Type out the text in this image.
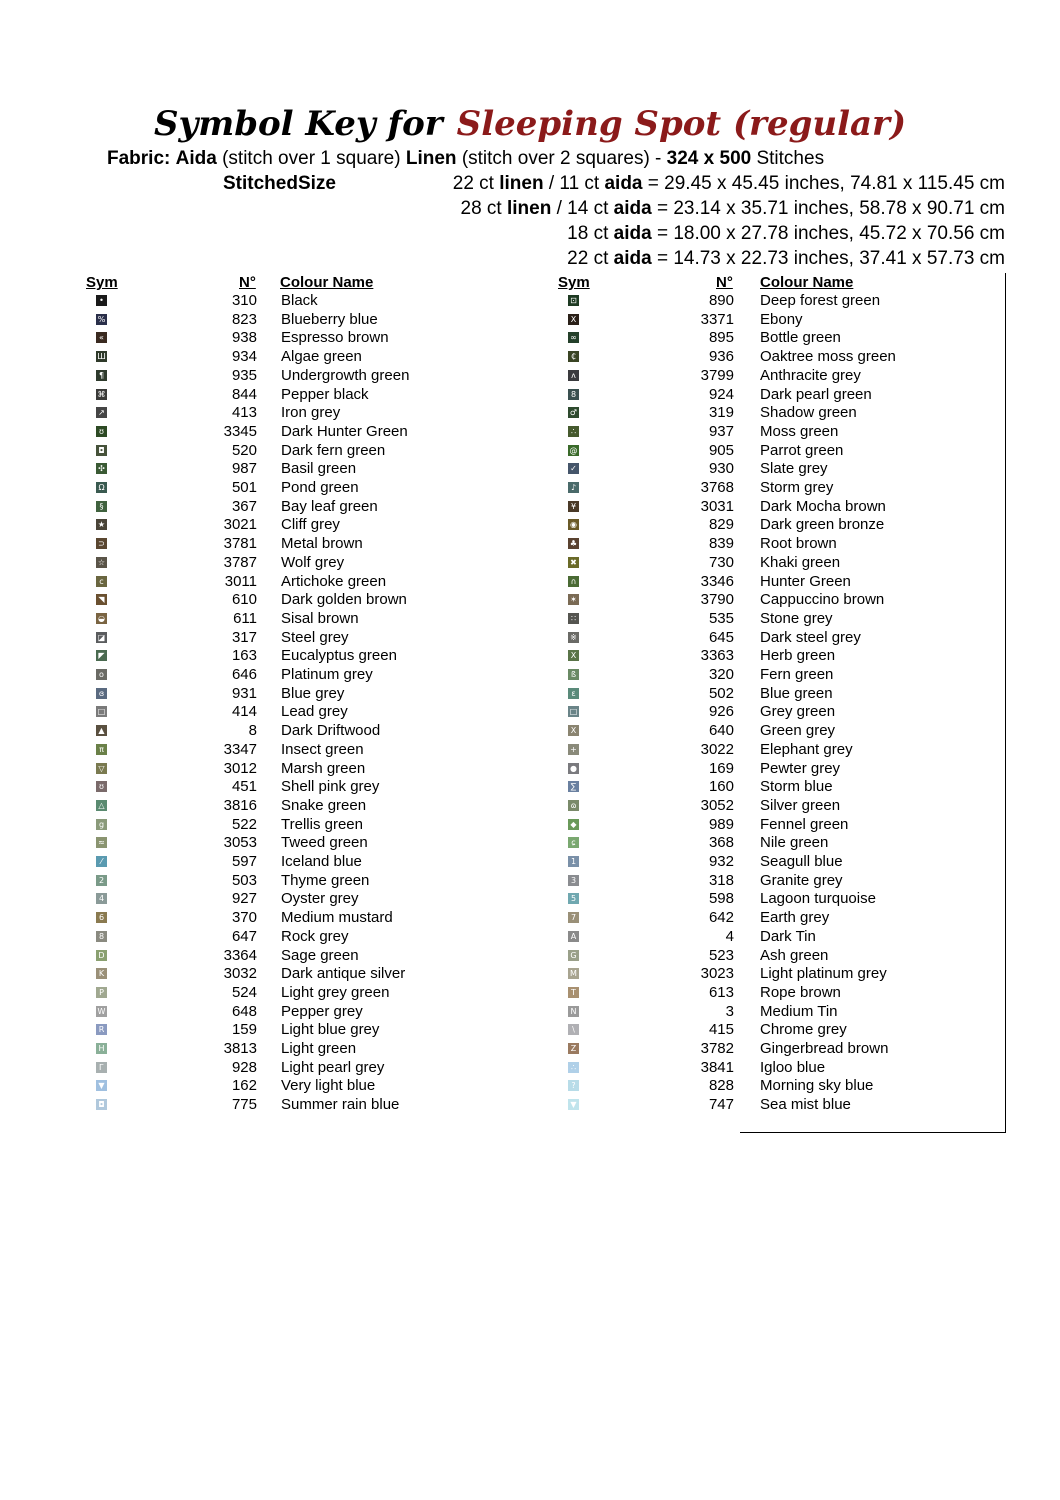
Symbol Key for Sleeping Spot (regular)
Fabric: Aida (stitch over 1 square) Linen (stitch over 2 squares) - 324 x 500 Stitches
StitchedSize	22 ct linen / 11 ct aida = 29.45 x 45.45 inches, 74.81 x 115.45 cm
28 ct linen / 14 ct aida = 23.14 x 35.71 inches, 58.78 x 90.71 cm
18 ct aida = 18.00 x 27.78 inches, 45.72 x 70.56 cm
22 ct aida = 14.73 x 22.73 inches, 37.41 x 57.73 cm
Sym	N° Colour Name	Sym	N° Colour Name
•	310 Black
%	823 Blueberry blue
«	938 Espresso brown
Ш	934 Algae green
¶	935 Undergrowth green
⌘	844 Pepper black
↗	413 Iron grey
ʊ	3345 Dark Hunter Green
◘	520 Dark fern green
✣	987 Basil green
Ω	501 Pond green
§	367 Bay leaf green
★	3021 Cliff grey
⊃	3781 Metal brown
☆	3787 Wolf grey
c	3011 Artichoke green
◥	610 Dark golden brown
◒	611 Sisal brown
◪	317 Steel grey
◤	163 Eucalyptus green
o	646 Platinum grey
ɞ	931 Blue grey
□	414 Lead grey
▲	8 Dark Driftwood
π	3347 Insect green
▽	3012 Marsh green
ʊ	451 Shell pink grey
△	3816 Snake green
g	522 Trellis green
≈	3053 Tweed green
⁄	597 Iceland blue
2	503 Thyme green
4	927 Oyster grey
6	370 Medium mustard
8	647 Rock grey
D	3364 Sage green
K	3032 Dark antique silver
P	524 Light grey green
W	648 Pepper grey
R	159 Light blue grey
H	3813 Light green
Г	928 Light pearl grey
▼	162 Very light blue
◘	775 Summer rain blue
⊡	890 Deep forest green
X	3371 Ebony
∞	895 Bottle green
₵	936 Oaktree moss green
ʌ	3799 Anthracite grey
8	924 Dark pearl green
♂	319 Shadow green
∴	937 Moss green
@	905 Parrot green
✓	930 Slate grey
♪	3768 Storm grey
¥	3031 Dark Mocha brown
◉	829 Dark green bronze
♣	839 Root brown
✖	730 Khaki green
∩	3346 Hunter Green
✶	3790 Cappuccino brown
∷	535 Stone grey
※	645 Dark steel grey
X	3363 Herb green
ß	320 Fern green
ε	502 Blue green
□	926 Grey green
Χ	640 Green grey
+	3022 Elephant grey
●	169 Pewter grey
∑	160 Storm blue
ɷ	3052 Silver green
◆	989 Fennel green
ɕ	368 Nile green
1	932 Seagull blue
3	318 Granite grey
5	598 Lagoon turquoise
7	642 Earth grey
A	4 Dark Tin
G	523 Ash green
M	3023 Light platinum grey
T	613 Rope brown
N	3 Medium Tin
\	415 Chrome grey
Z	3782 Gingerbread brown
∴	3841 Igloo blue
?	828 Morning sky blue
▼	747 Sea mist blue
